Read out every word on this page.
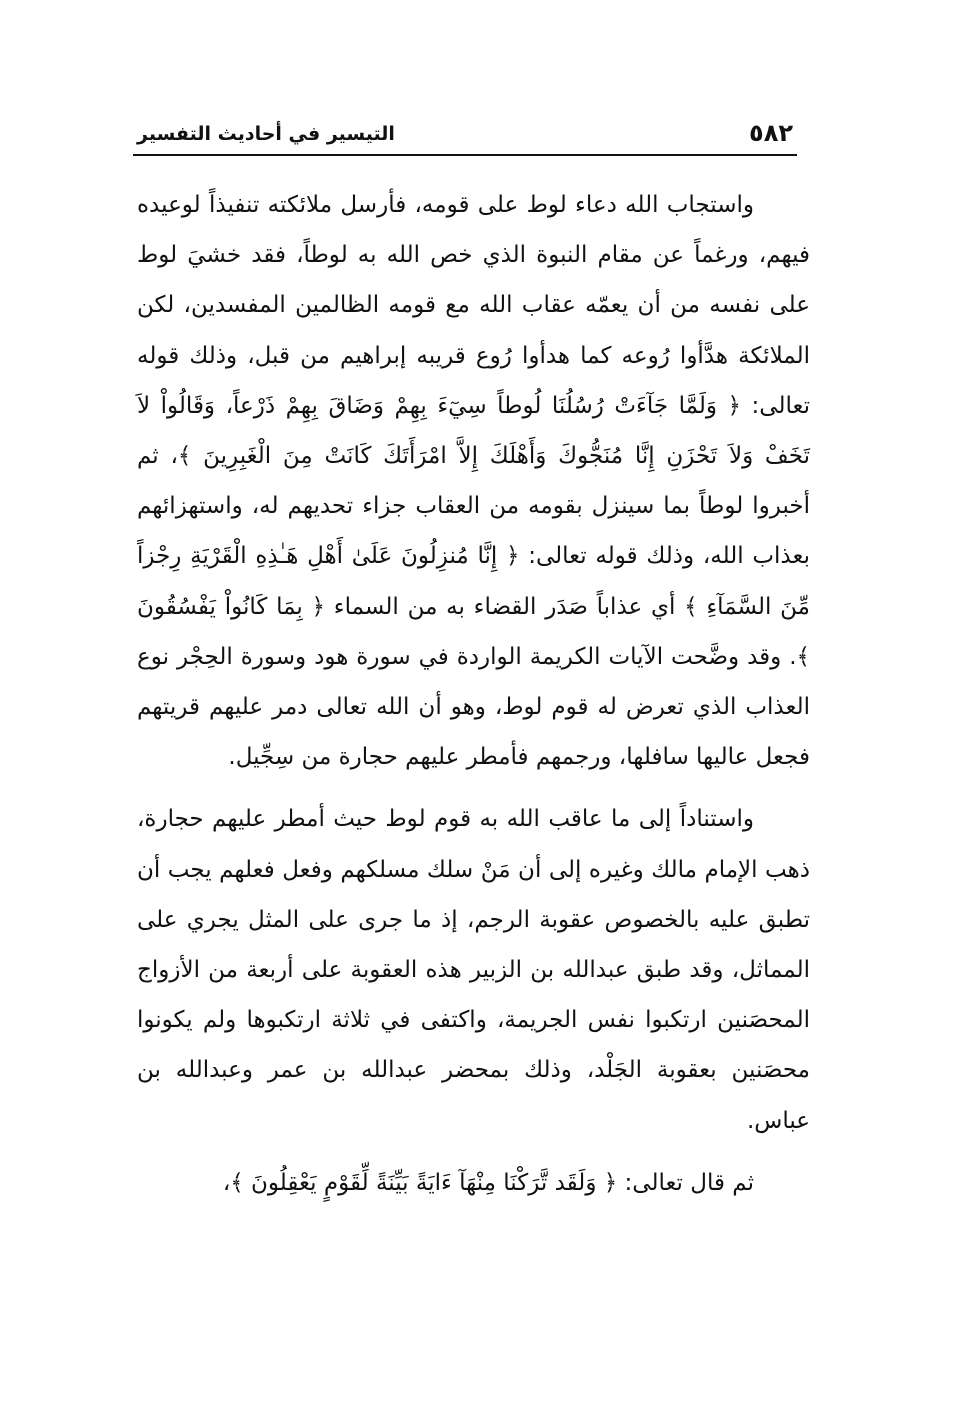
٥٨٢
التيسير في أحاديث التفسير

واستجاب الله دعاء لوط على قومه، فأرسل ملائكته تنفيذاً لوعيده فيهم، ورغماً عن مقام النبوة الذي خص الله به لوطاً، فقد خشيَ لوط على نفسه من أن يعمّه عقاب الله مع قومه الظالمين المفسدين، لكن الملائكة هدَّأوا رُوعه كما هدأوا رُوع قريبه إبراهيم من قبل، وذلك قوله تعالى: ﴿ وَلَمَّا جَآءَتْ رُسُلُنَا لُوطاً سِيٓءَ بِهِمْ وَضَاقَ بِهِمْ ذَرْعاً، وَقَالُواْ لاَ تَخَفْ وَلاَ تَحْزَنِ إِنَّا مُنَجُّوكَ وَأَهْلَكَ إِلاَّ امْرَأَتَكَ كَانَتْ مِنَ الْغَبِرِينَ ﴾، ثم أخبروا لوطاً بما سينزل بقومه من العقاب جزاء تحديهم له، واستهزائهم بعذاب الله، وذلك قوله تعالى: ﴿ إِنَّا مُنزِلُونَ عَلَىٰ أَهْلِ هَـٰذِهِ الْقَرْيَةِ رِجْزاً مِّنَ السَّمَآءِ ﴾ أي عذاباً صَدَر القضاء به من السماء ﴿ بِمَا كَانُواْ يَفْسُقُونَ ﴾. وقد وضَّحت الآيات الكريمة الواردة في سورة هود وسورة الحِجْر نوع العذاب الذي تعرض له قوم لوط، وهو أن الله تعالى دمر عليهم قريتهم فجعل عاليها سافلها، ورجمهم فأمطر عليهم حجارة من سِجِّيل.

واستناداً إلى ما عاقب الله به قوم لوط حيث أمطر عليهم حجارة، ذهب الإمام مالك وغيره إلى أن مَنْ سلك مسلكهم وفعل فعلهم يجب أن تطبق عليه بالخصوص عقوبة الرجم، إذ ما جرى على المثل يجري على المماثل، وقد طبق عبدالله بن الزبير هذه العقوبة على أربعة من الأزواج المحصَنين ارتكبوا نفس الجريمة، واكتفى في ثلاثة ارتكبوها ولم يكونوا محصَنين بعقوبة الجَلْد، وذلك بمحضر عبدالله بن عمر وعبدالله بن عباس.

ثم قال تعالى: ﴿ وَلَقَد تَّرَكْنَا مِنْهَآ ءَايَةً بَيِّنَةً لِّقَوْمٍ يَعْقِلُونَ ﴾،
